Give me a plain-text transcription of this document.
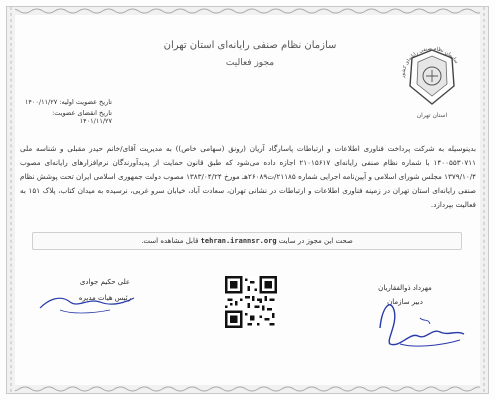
سازمان نظام صنفی رایانه‌ای استان تهران
مجوز فعالیت
سازمان نظام صنفی رایانه‌ای کشور
استان تهران
تاریخ عضویت اولیه: ۱۴۰۰/۱۱/۲۷
تاریخ انقضای عضویت: ۱۴۰۱/۱۱/۲۷
بدینوسیله به شرکت پرداخت فناوری اطلاعات و ارتباطات پاسارگاد آریان (رونق (سهامی خاص)) به مدیریت آقای/خانم حیدر مقبلی و شناسه ملی ۱۴۰۰۵۵۳۰۷۱۱ با شماره نظام صنفی رایانه‌ای ۲۱۰۱۵۶۱۷ اجازه داده می‌شود که طبق قانون حمایت از پدیدآورندگان نرم‌افزارهای رایانه‌ای مصوب ۱۳۷۹/۱۰/۴ مجلس شورای اسلامی و آیین‌نامه اجرایی شماره ۲۱۱۸۵/ت۲۶۰۸۹هـ مورخ ۱۳۸۳/۰۴/۲۴ مصوب دولت جمهوری اسلامی ایران تحت پوشش نظام صنفی رایانه‌ای استان تهران در زمینه فناوری اطلاعات و ارتباطات در نشانی تهران، سعادت آباد، خیابان سرو غربی، نرسیده به میدان کتاب، پلاک ۱۵۱ به فعالیت بپردازد.
صحت این مجوز در سایت tehran.irannsr.org قابل مشاهده است.
علی حکیم جوادی
رئیس هیات مدیره
مهرداد ذوالفقاریان
دبیر سازمان
